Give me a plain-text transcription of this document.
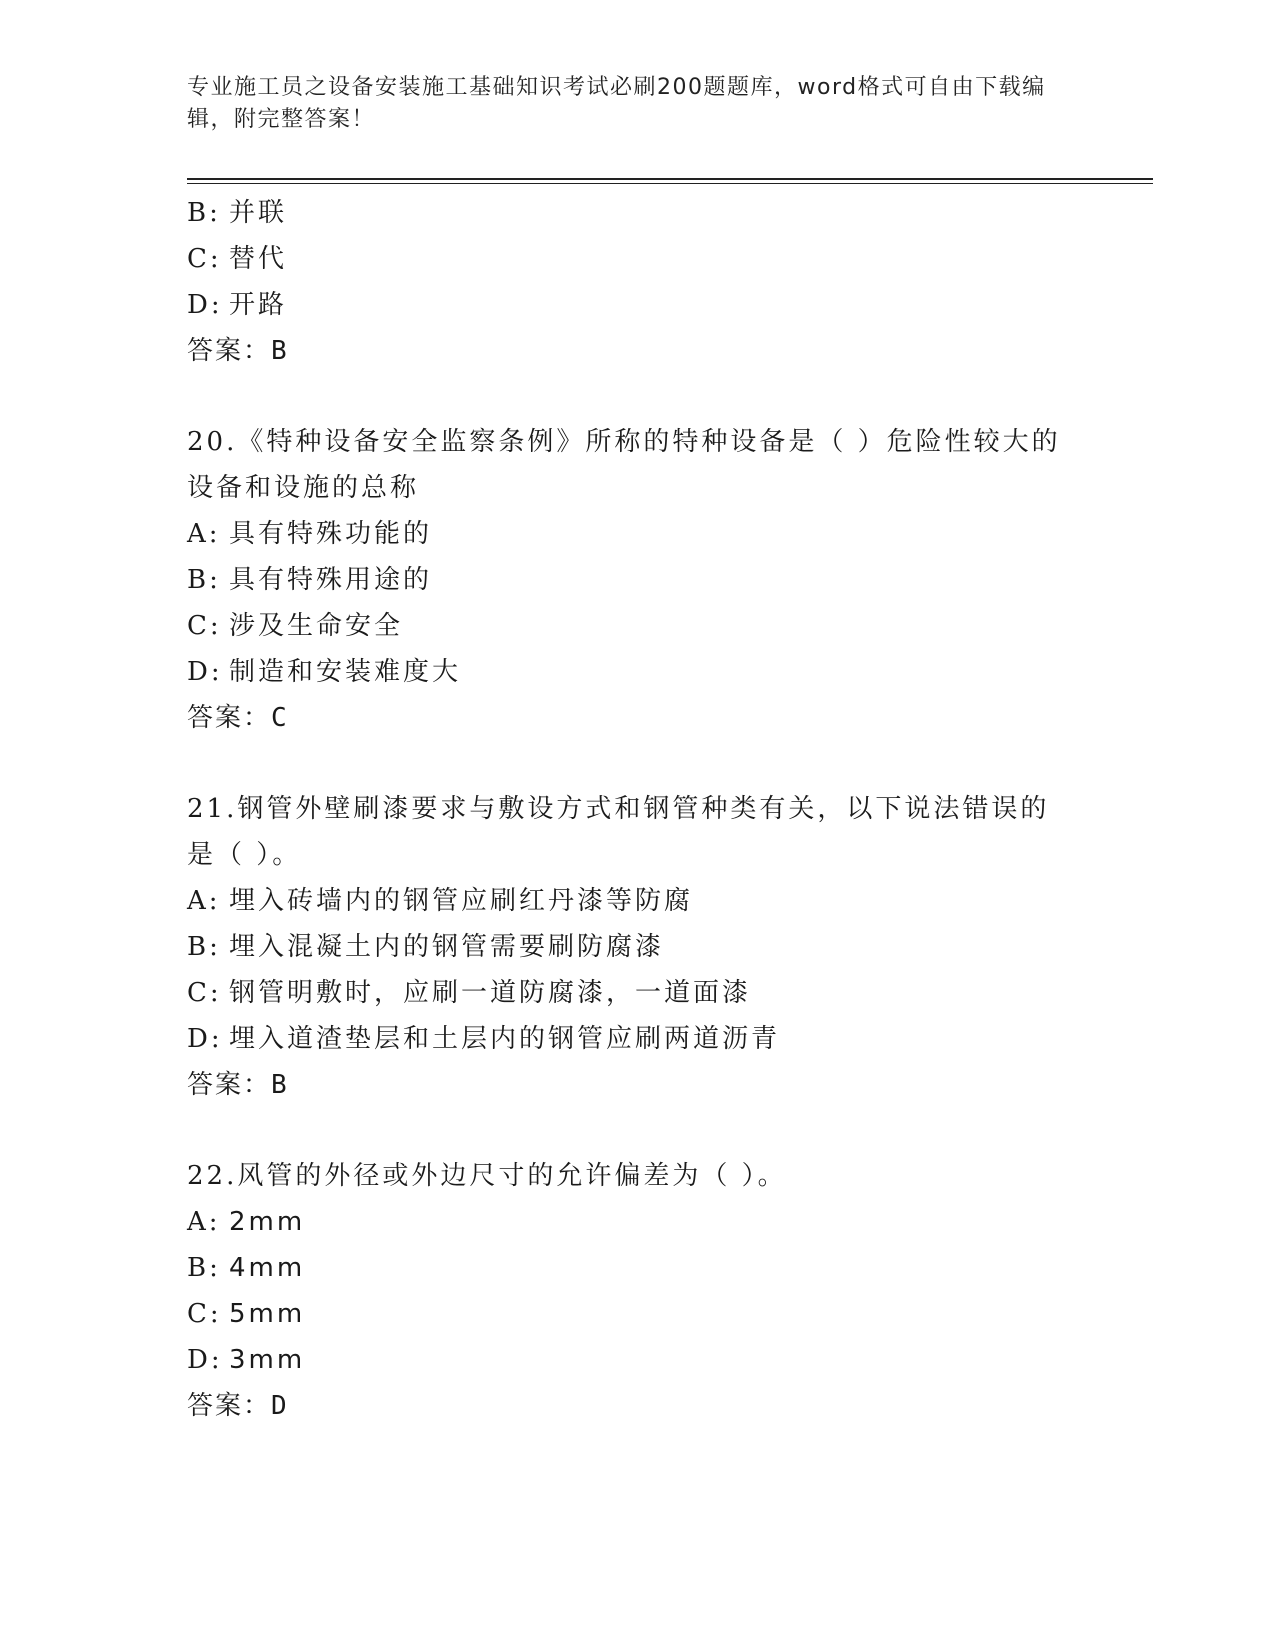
专业施工员之设备安装施工基础知识考试必刷200题题库，word格式可自由下载编辑，附完整答案！
B: 并联
C: 替代
D: 开路
答案：B
20.《特种设备安全监察条例》所称的特种设备是（ ）危险性较大的设备和设施的总称
A: 具有特殊功能的
B: 具有特殊用途的
C: 涉及生命安全
D: 制造和安装难度大
答案：C
21.钢管外壁刷漆要求与敷设方式和钢管种类有关，以下说法错误的是（ ）。
A: 埋入砖墙内的钢管应刷红丹漆等防腐
B: 埋入混凝土内的钢管需要刷防腐漆
C: 钢管明敷时，应刷一道防腐漆，一道面漆
D: 埋入道渣垫层和土层内的钢管应刷两道沥青
答案：B
22.风管的外径或外边尺寸的允许偏差为（ ）。
A: 2mm
B: 4mm
C: 5mm
D: 3mm
答案：D
